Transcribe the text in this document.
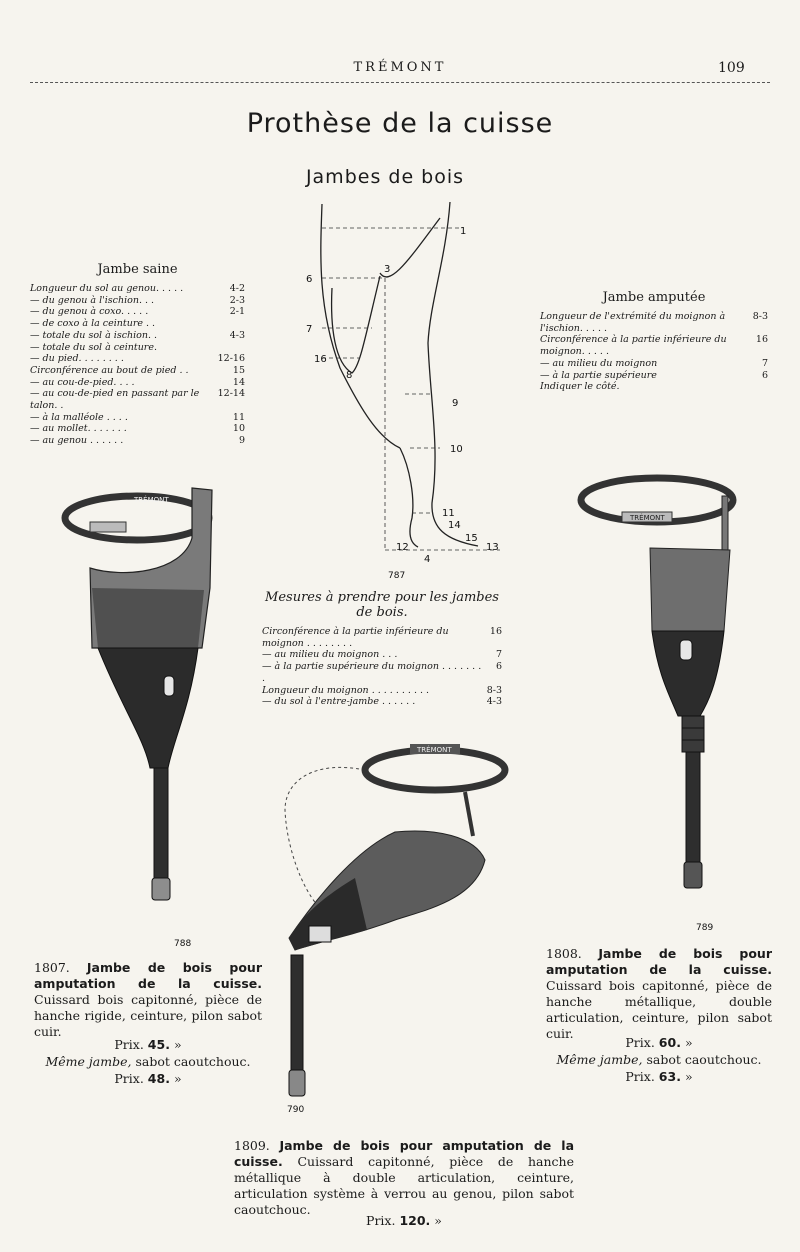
TRÉMONT	109
Prothèse de la cuisse
Jambes de bois
Jambe saine
Longueur du sol au genou. . . . .	4-2
— du genou à l'ischion. . .	2-3
— du genou à coxo. . . . .	2-1
— de coxo à la ceinture . .	
— totale du sol à ischion. .	4-3
— totale du sol à ceinture.	
— du pied. . . . . . . .	12-16
Circonférence au bout de pied . .	15
— au cou-de-pied. . . .	14
— au cou-de-pied en passant par le talon. .	12-14
— à la malléole . . . .	11
— au mollet. . . . . . .	10
— au genou . . . . . .	9
Jambe amputée
Longueur de l'extrémité du moignon à l'ischion. . . . .	8-3
Circonférence à la partie inférieure du moignon. . . . .	16
— au milieu du moignon	7
— à la partie supérieure	6
Indiquer le côté.	
1
3
6
7
16
8
9
10
11
14
15
13
12
4
787
Mesures à prendre pour les jambes de bois.
Circonférence à la partie inférieure du moignon . . . . . . . .	16
— au milieu du moignon . . .	7
— à la partie supérieure du moignon . . . . . . . .	6
Longueur du moignon . . . . . . . . . .	8-3
— du sol à l'entre-jambe . . . . . .	4-3
TRÉMONT
788
TRÉMONT
789
TRÉMONT
790
1807. Jambe de bois pour amputation de la cuisse. Cuissard bois capitonné, pièce de hanche rigide, ceinture, pilon sabot cuir.
Prix. 45. »
Même jambe, sabot caoutchouc.
Prix. 48. »
1808. Jambe de bois pour amputation de la cuisse. Cuissard bois capitonné, pièce de hanche métallique, double articulation, ceinture, pilon sabot cuir.
Prix. 60. »
Même jambe, sabot caoutchouc.
Prix. 63. »
1809. Jambe de bois pour amputation de la cuisse. Cuissard capitonné, pièce de hanche métallique à double articulation, ceinture, articulation système à verrou au genou, pilon sabot caoutchouc.
Prix. 120. »
